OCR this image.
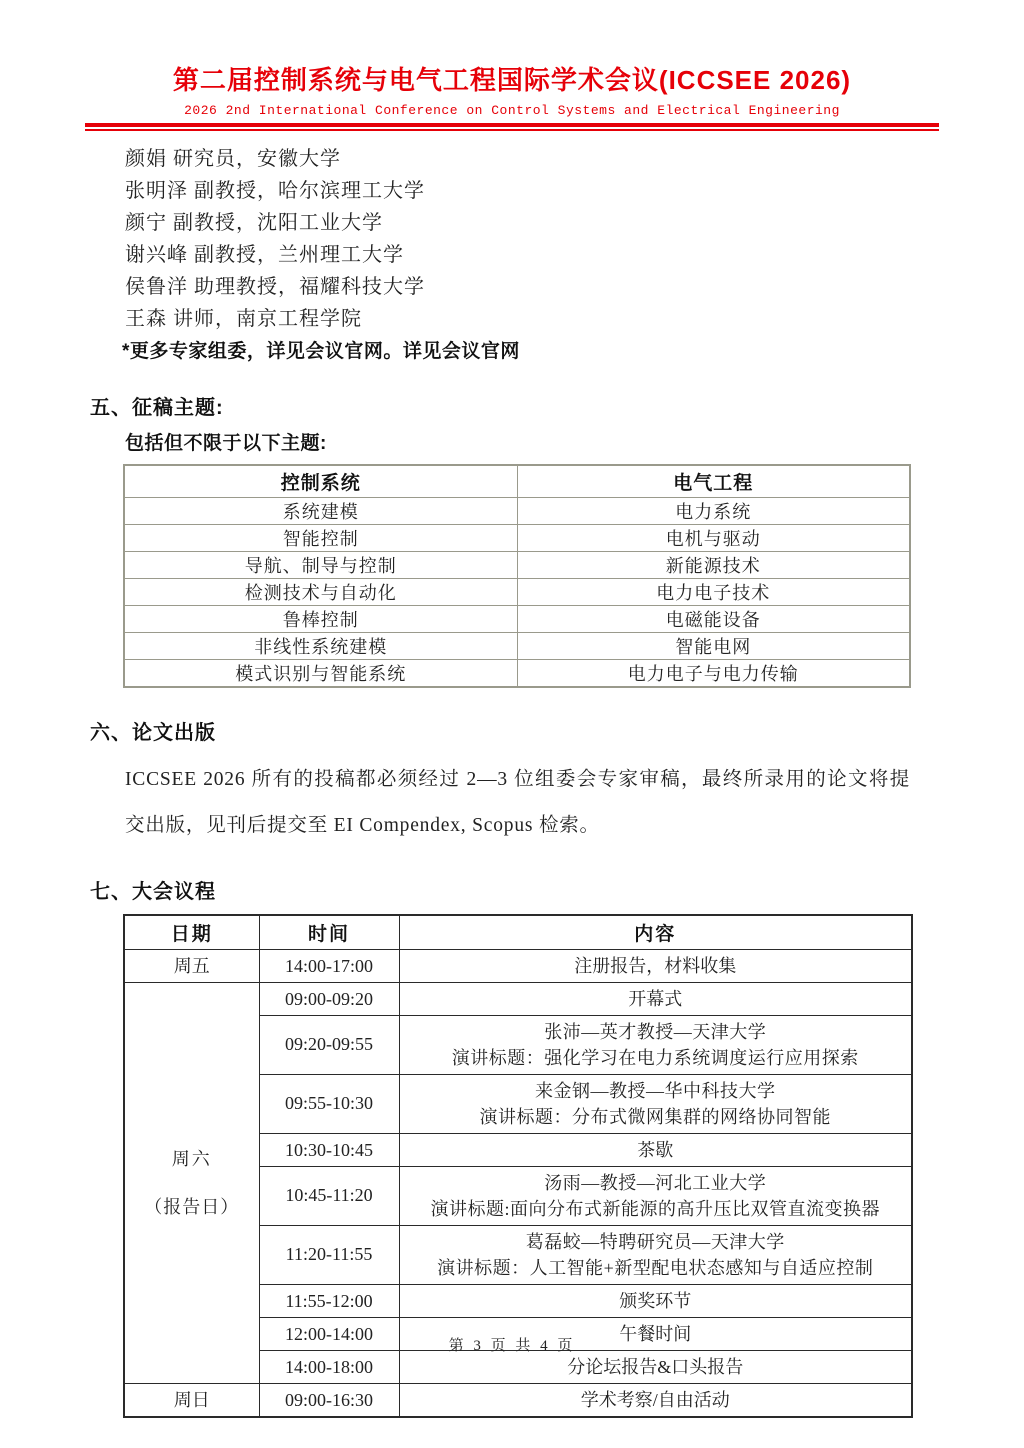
第二届控制系统与电气工程国际学术会议(ICCSEE 2026)
2026 2nd International Conference on Control Systems and Electrical Engineering
颜娟 研究员，安徽大学
张明泽 副教授，哈尔滨理工大学
颜宁 副教授，沈阳工业大学
谢兴峰 副教授，兰州理工大学
侯鲁洋 助理教授，福耀科技大学
王森 讲师，南京工程学院
*更多专家组委，详见会议官网。详见会议官网
五、征稿主题:
包括但不限于以下主题:
控制系统	电气工程
系统建模	电力系统
智能控制	电机与驱动
导航、制导与控制	新能源技术
检测技术与自动化	电力电子技术
鲁棒控制	电磁能设备
非线性系统建模	智能电网
模式识别与智能系统	电力电子与电力传输
六、论文出版
ICCSEE 2026 所有的投稿都必须经过 2—3 位组委会专家审稿，最终所录用的论文将提交出版，见刊后提交至 EI Compendex, Scopus 检索。
七、大会议程
日期	时间	内容
周五	14:00-17:00	注册报告，材料收集

周六
（报告日）	09:00-09:20	开幕式
	09:20-09:55	张沛—英才教授—天津大学
演讲标题：强化学习在电力系统调度运行应用探索

	09:55-10:30	来金钢—教授—华中科技大学
演讲标题：分布式微网集群的网络协同智能

	10:30-10:45	茶歇
	10:45-11:20	汤雨—教授—河北工业大学
演讲标题:面向分布式新能源的高升压比双管直流变换器

	11:20-11:55	葛磊蛟—特聘研究员—天津大学
演讲标题：人工智能+新型配电状态感知与自适应控制

	11:55-12:00	颁奖环节
	12:00-14:00	午餐时间
	14:00-18:00	分论坛报告&口头报告
周日	09:00-16:30	学术考察/自由活动
第 3 页 共 4 页
